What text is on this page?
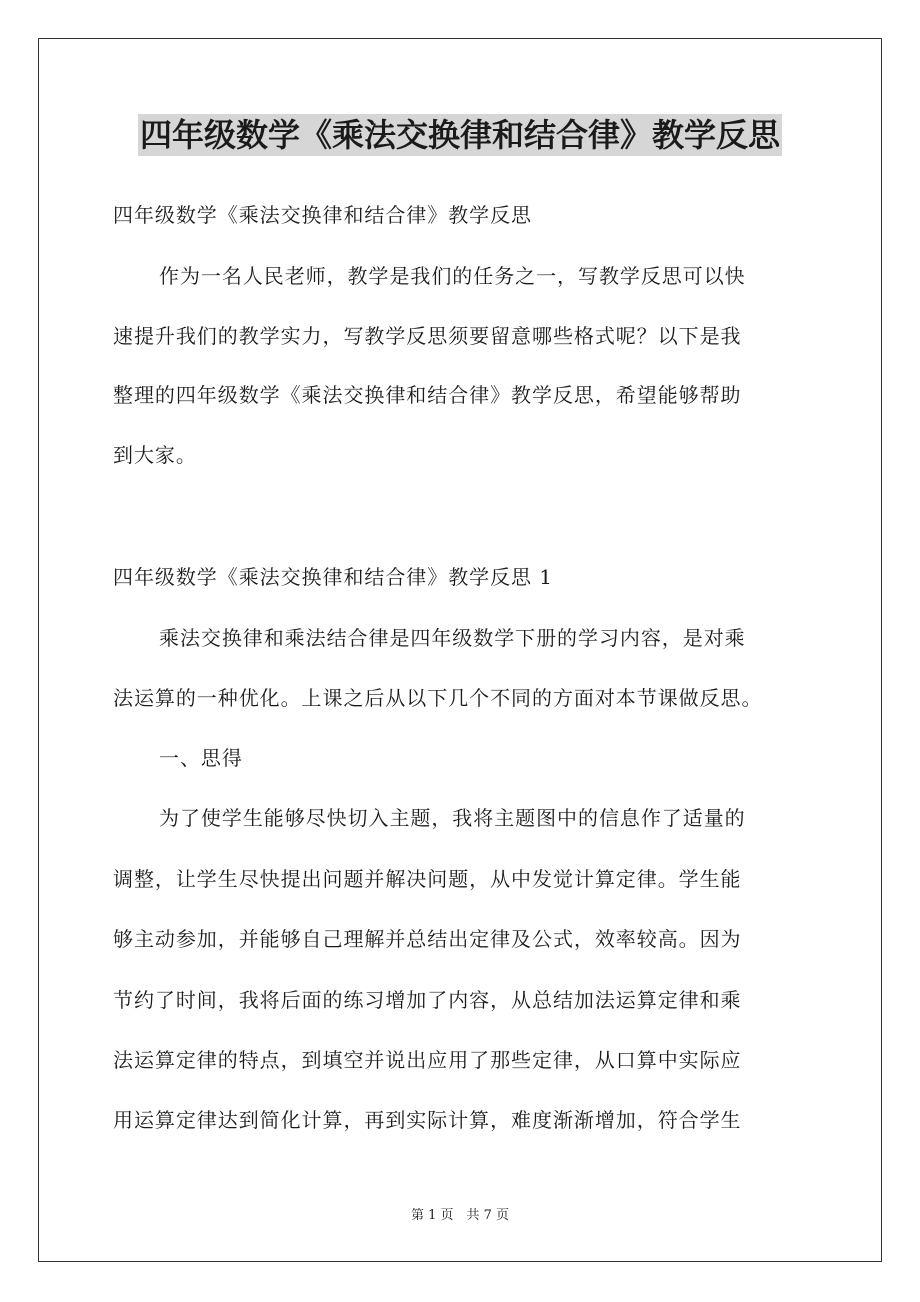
四年级数学《乘法交换律和结合律》教学反思
四年级数学《乘法交换律和结合律》教学反思
作为一名人民老师，教学是我们的任务之一，写教学反思可以快
速提升我们的教学实力，写教学反思须要留意哪些格式呢？以下是我
整理的四年级数学《乘法交换律和结合律》教学反思，希望能够帮助
到大家。
四年级数学《乘法交换律和结合律》教学反思 1
乘法交换律和乘法结合律是四年级数学下册的学习内容，是对乘
法运算的一种优化。上课之后从以下几个不同的方面对本节课做反思。
一、思得
为了使学生能够尽快切入主题，我将主题图中的信息作了适量的
调整，让学生尽快提出问题并解决问题，从中发觉计算定律。学生能
够主动参加，并能够自己理解并总结出定律及公式，效率较高。因为
节约了时间，我将后面的练习增加了内容，从总结加法运算定律和乘
法运算定律的特点，到填空并说出应用了那些定律，从口算中实际应
用运算定律达到简化计算，再到实际计算，难度渐渐增加，符合学生
第 1 页　共 7 页
